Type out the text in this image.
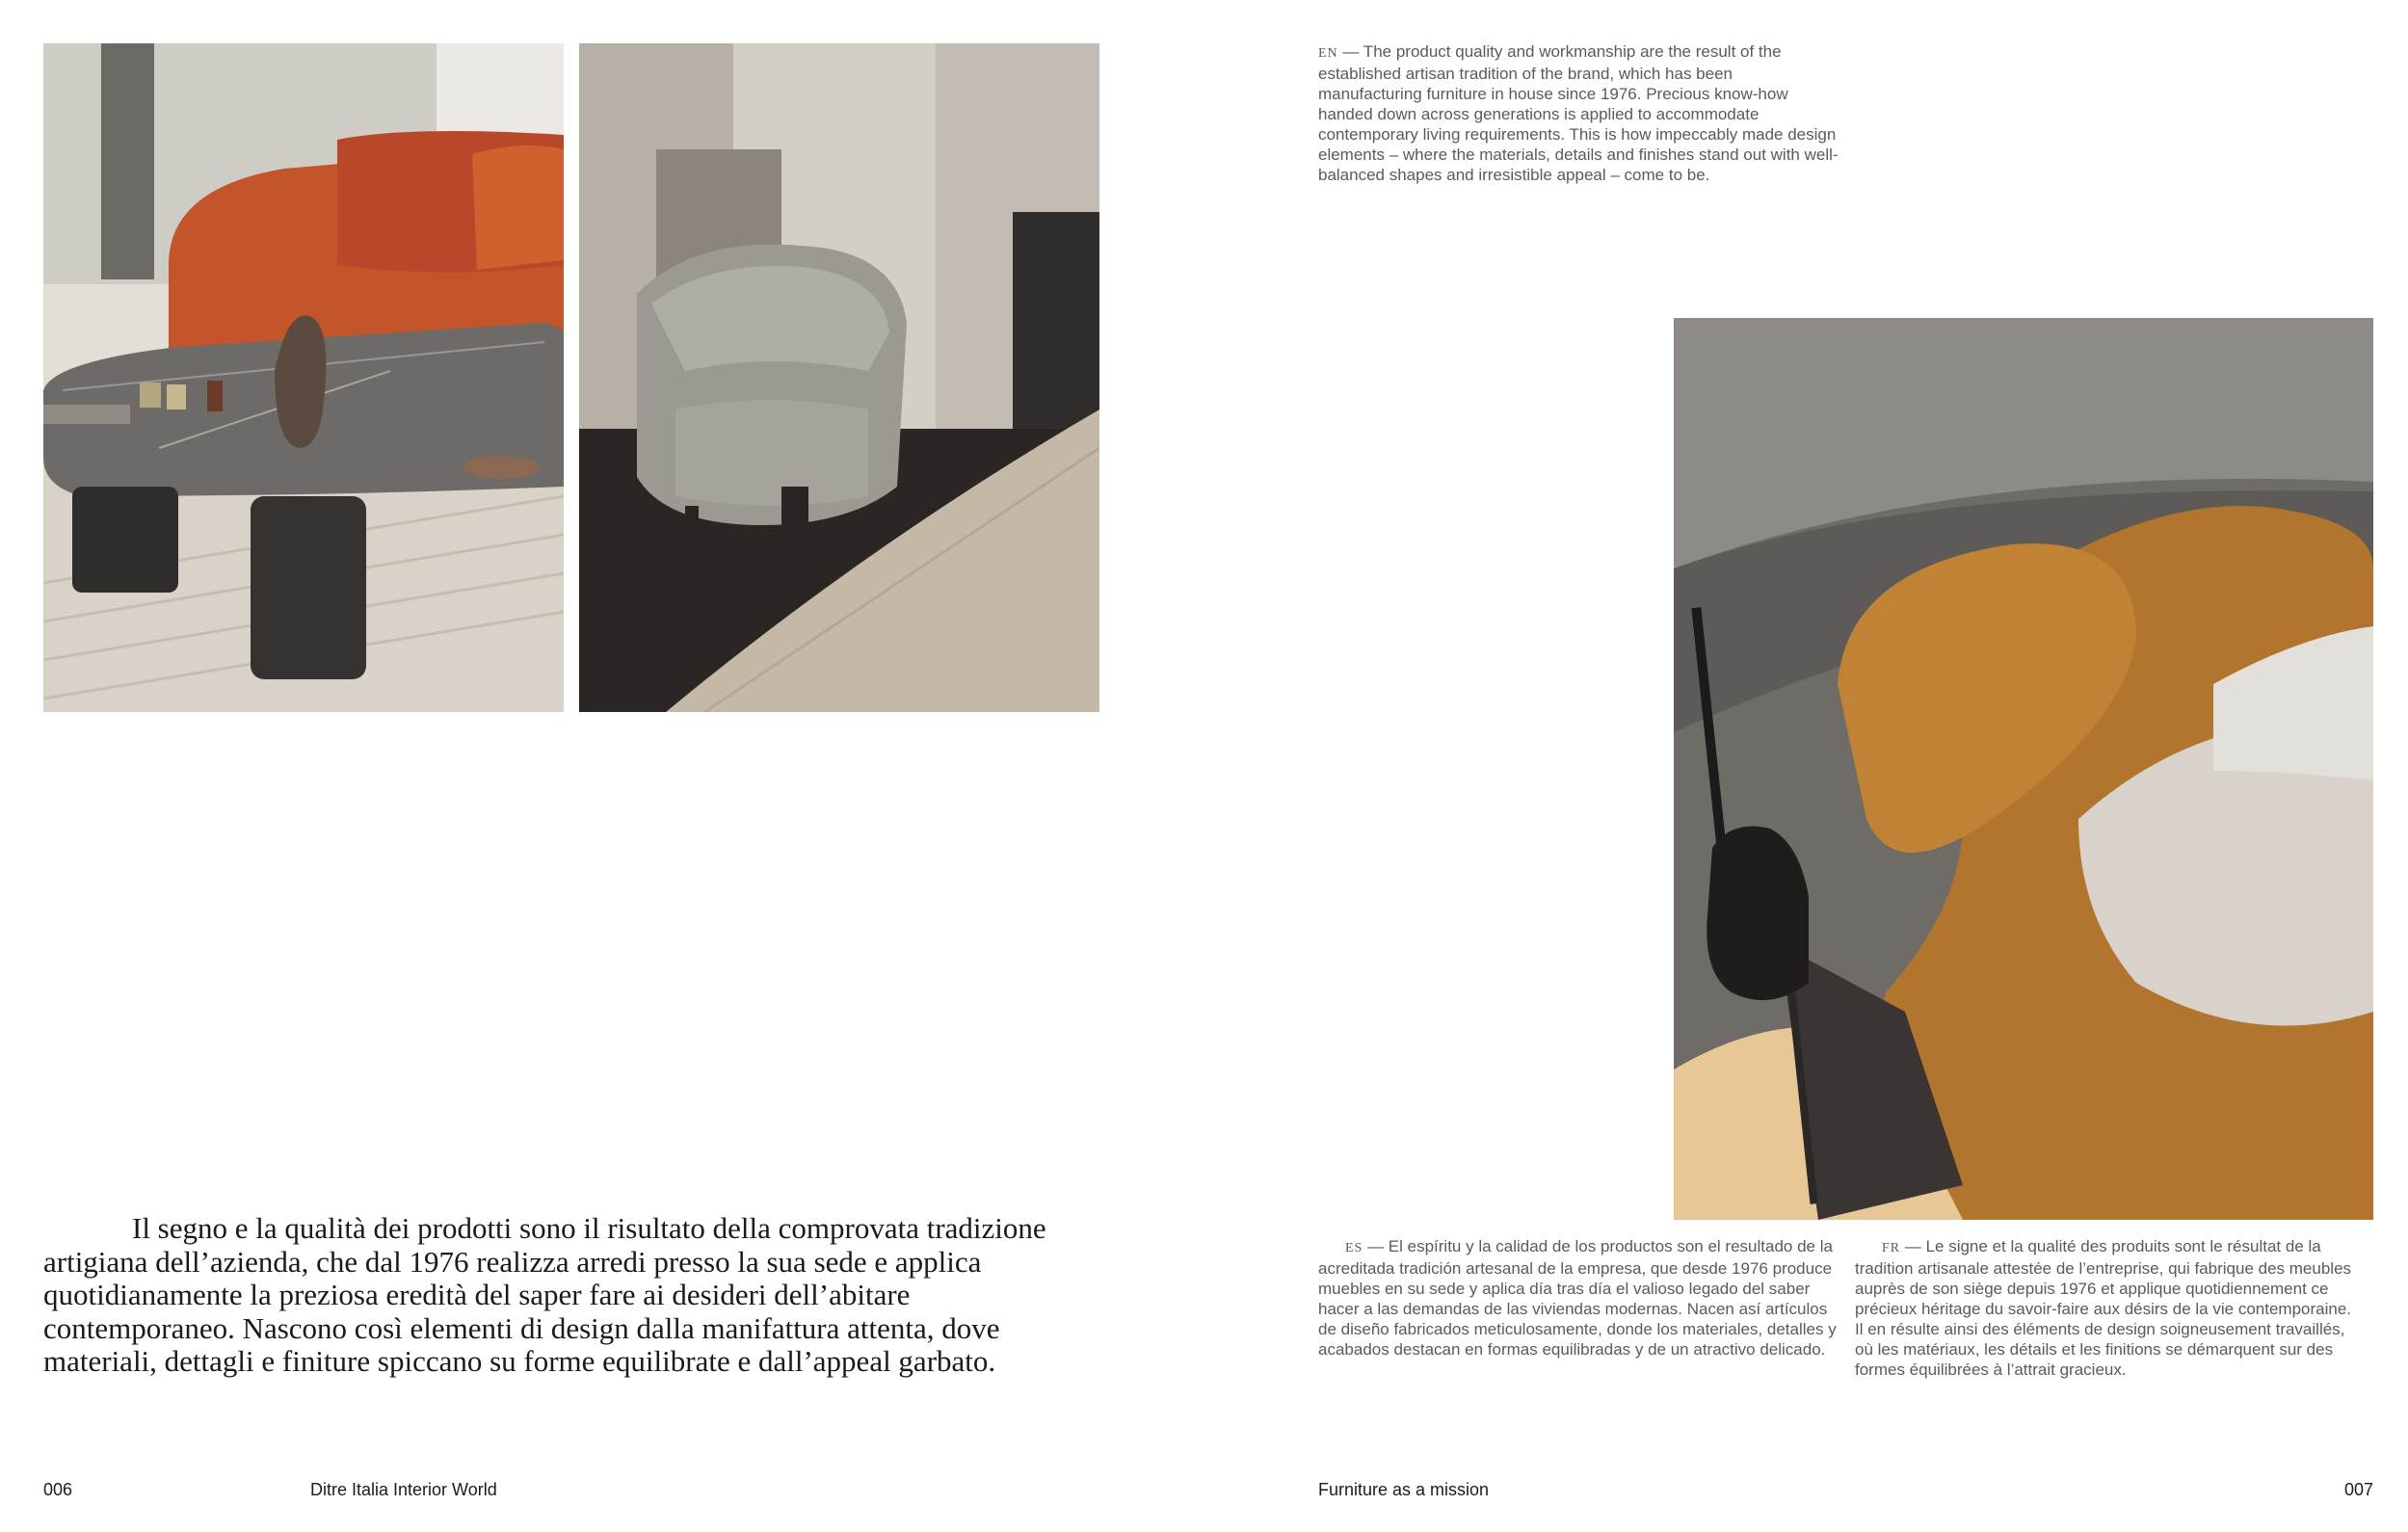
EN — The product quality and workmanship are the result of the established artisan tradition of the brand, which has been manufacturing furniture in house since 1976. Precious know-how handed down across generations is applied to accommodate contemporary living requirements. This is how impeccably made design elements – where the materials, details and finishes stand out with well-balanced shapes and irresistible appeal – come to be.
Il segno e la qualità dei prodotti sono il risultato della comprovata tradizione artigiana dell’azienda, che dal 1976 realizza arredi presso la sua sede e applica quotidianamente la preziosa eredità del saper fare ai desideri dell’abitare contemporaneo. Nascono così elementi di design dalla manifattura attenta, dove materiali, dettagli e finiture spiccano su forme equilibrate e dall’appeal garbato.
ES — El espíritu y la calidad de los productos son el resultado de la acreditada tradición artesanal de la empresa, que desde 1976 produce muebles en su sede y aplica día tras día el valioso legado del saber hacer a las demandas de las viviendas modernas. Nacen así artículos de diseño fabricados meticulosamente, donde los materiales, detalles y acabados destacan en formas equilibradas y de un atractivo delicado.
FR — Le signe et la qualité des produits sont le résultat de la tradition artisanale attestée de l’entreprise, qui fabrique des meubles auprès de son siège depuis 1976 et applique quotidiennement ce précieux héritage du savoir-faire aux désirs de la vie contemporaine. Il en résulte ainsi des éléments de design soigneusement travaillés, où les matériaux, les détails et les finitions se démarquent sur des formes équilibrées à l’attrait gracieux.
006	Ditre Italia Interior World	Furniture as a mission	007
